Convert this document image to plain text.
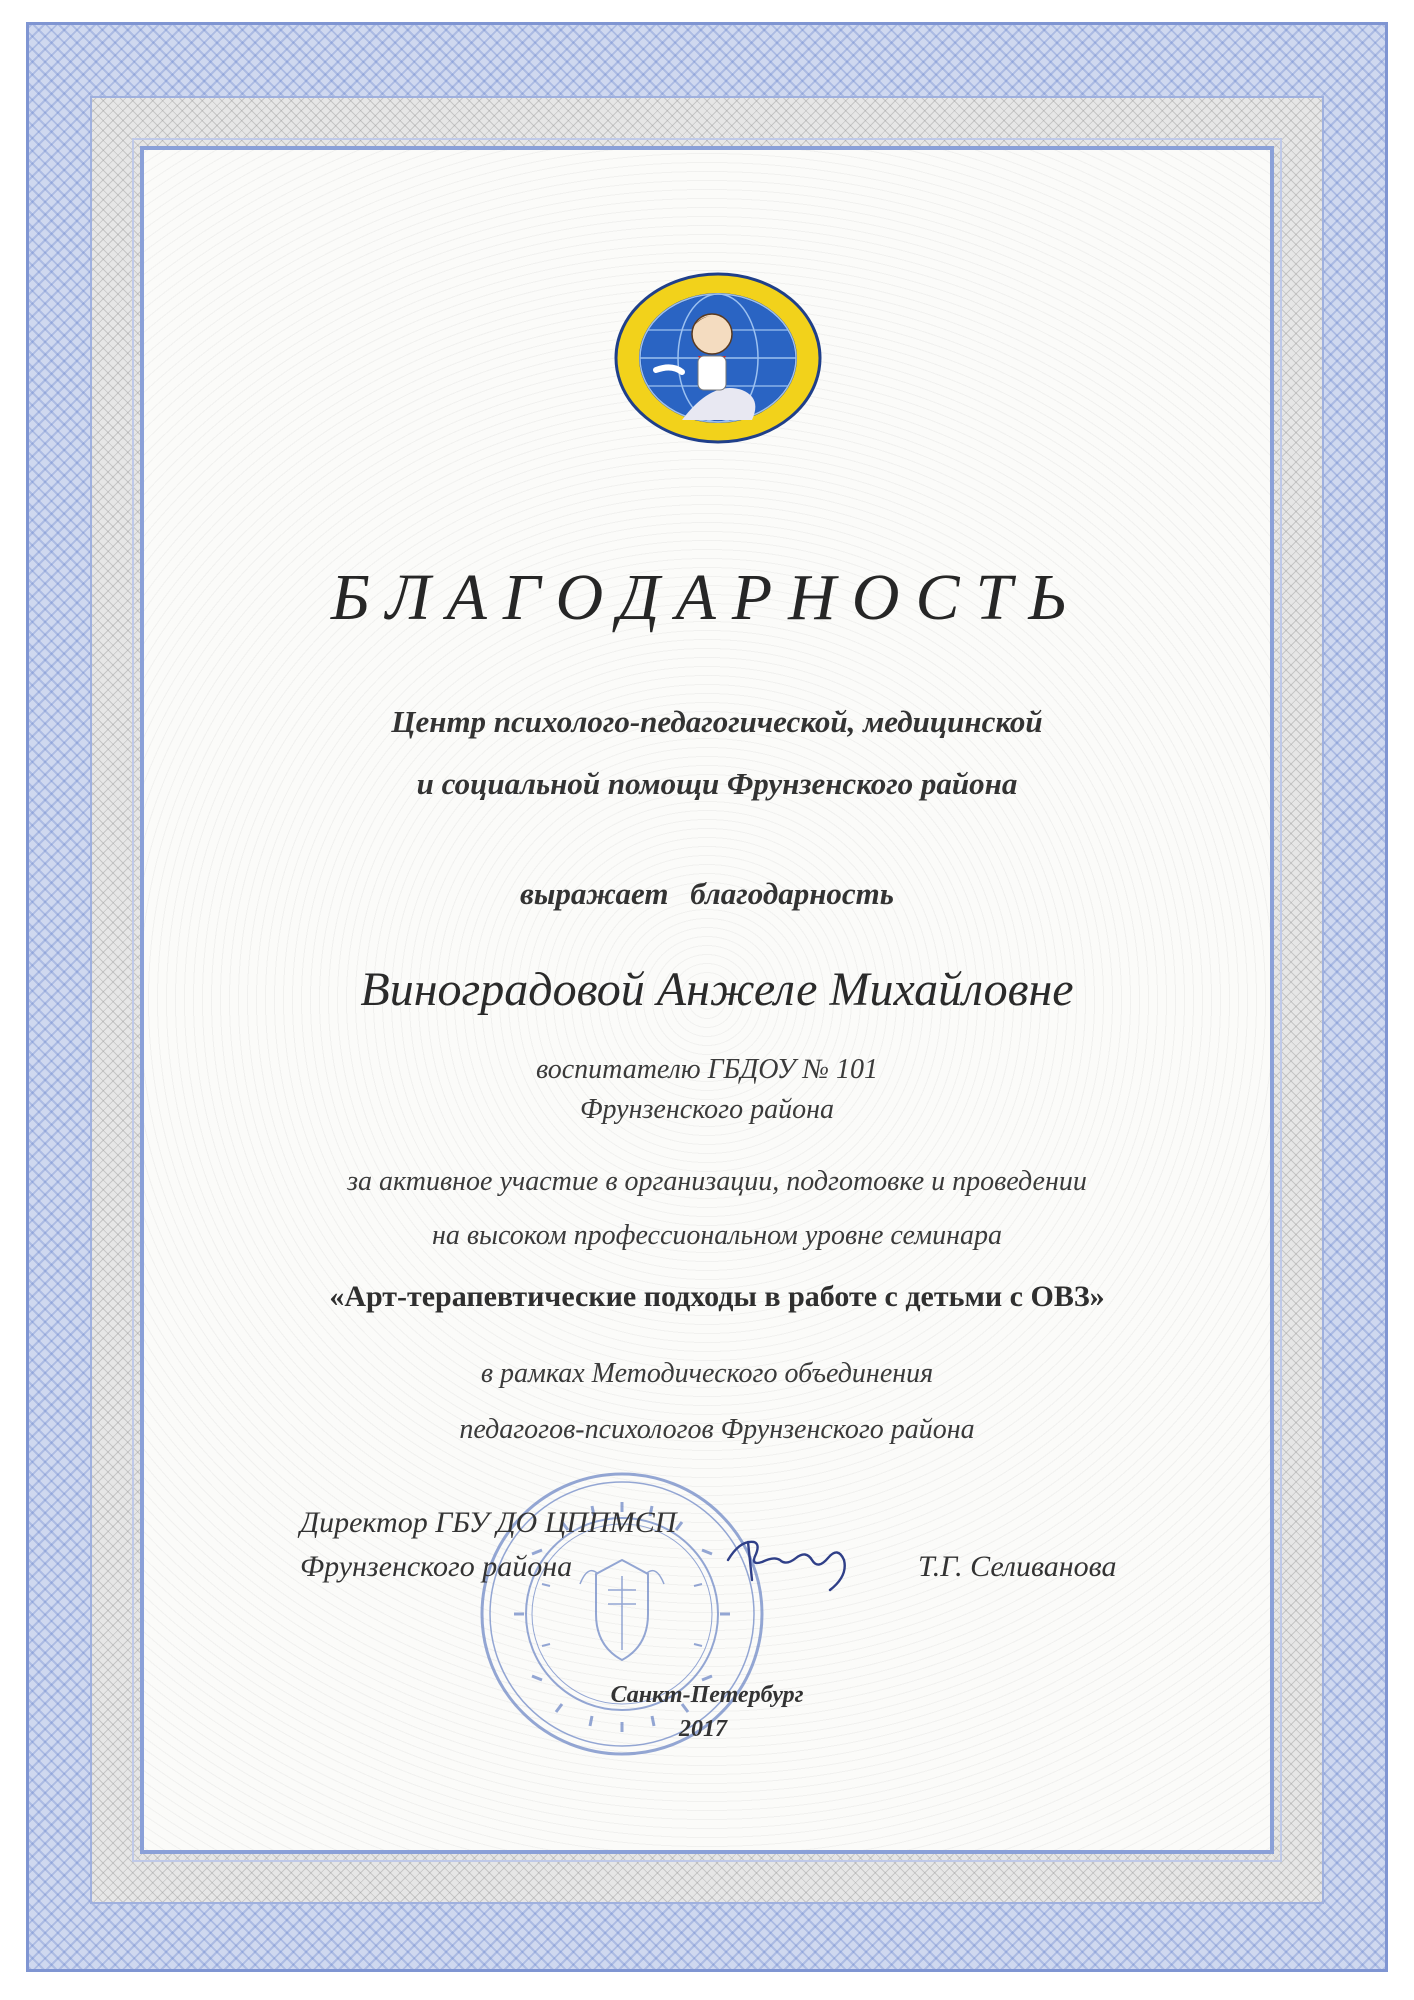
БЛАГОДАРНОСТЬ
Центр психолого-педагогической, медицинской
и социальной помощи Фрунзенского района
выражает благодарность
Виноградовой Анжеле Михайловне
воспитателю ГБДОУ № 101
Фрунзенского района
за активное участие в организации, подготовке и проведении
на высоком профессиональном уровне семинара
«Арт-терапевтические подходы в работе с детьми с ОВЗ»
в рамках Методического объединения
педагогов-психологов Фрунзенского района
Директор ГБУ ДО ЦППМСП
Фрунзенского района	Т.Г. Селиванова
Санкт-Петербург
2017
